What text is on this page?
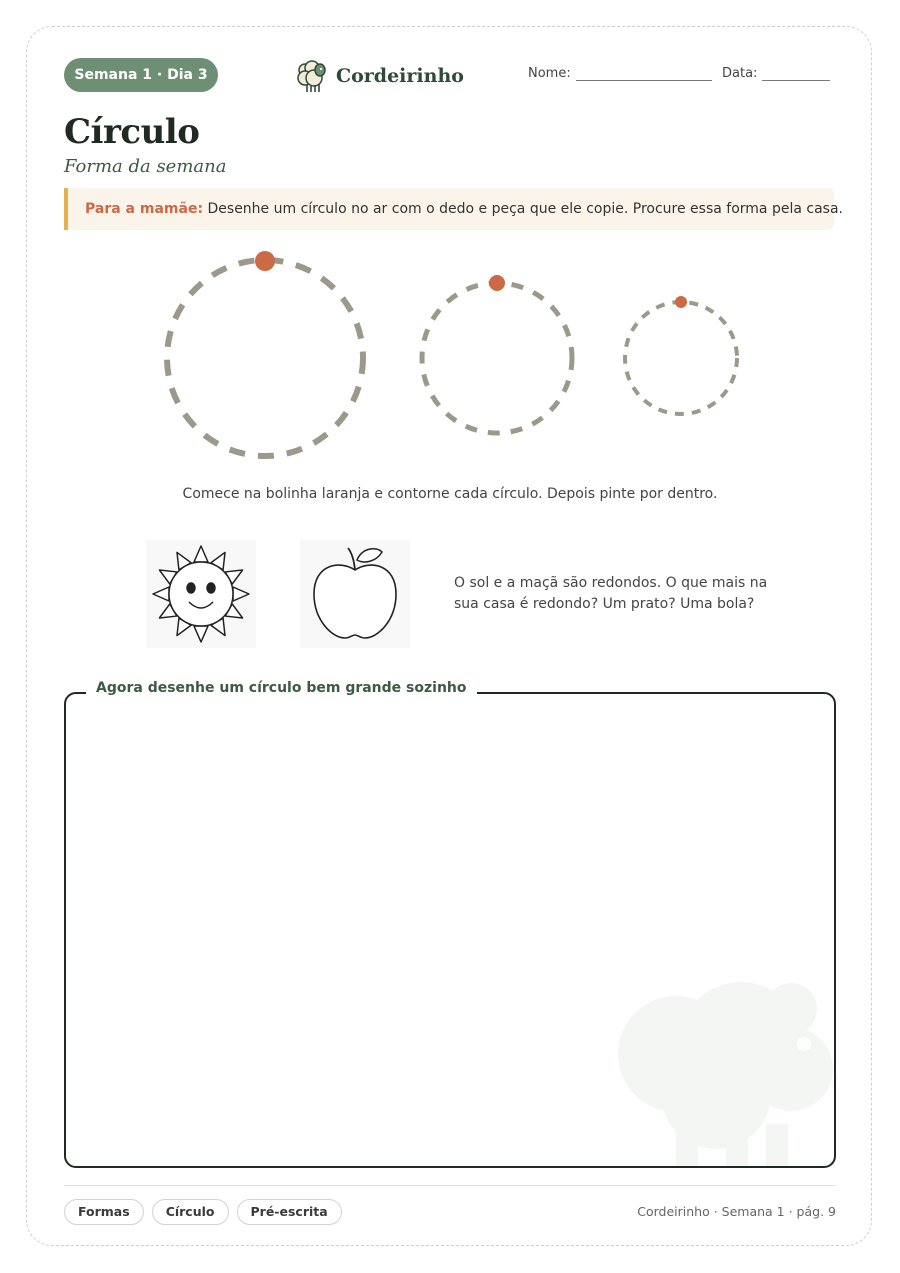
Semana 1 · Dia 3	Cordeirinho	Nome:	Data:
Círculo
Forma da semana
Para a mamãe: Desenhe um círculo no ar com o dedo e peça que ele copie. Procure essa forma pela casa.
Comece na bolinha laranja e contorne cada círculo. Depois pinte por dentro.
O sol e a maçã são redondos. O que mais na sua casa é redondo? Um prato? Uma bola?
Agora desenhe um círculo bem grande sozinho
Formas	Círculo	Pré-escrita	Cordeirinho · Semana 1 · pág. 9
